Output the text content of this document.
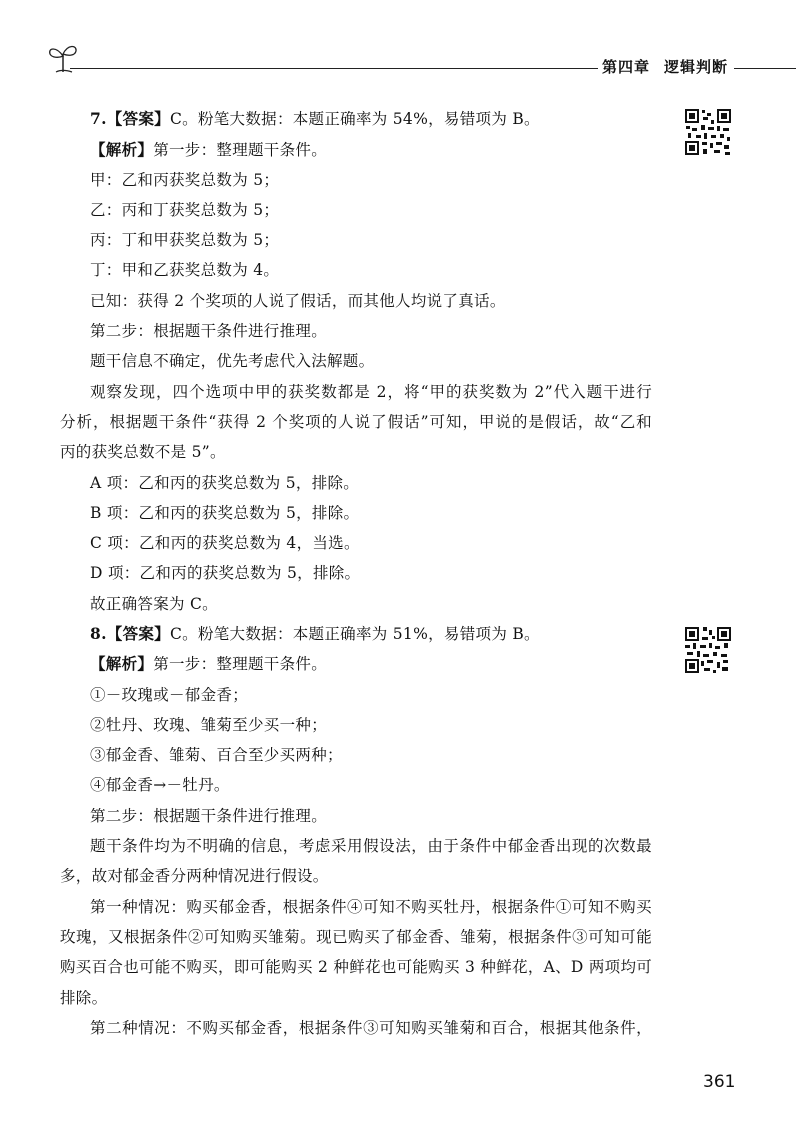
第四章 逻辑判断
7.【答案】C。粉笔大数据：本题正确率为 54%，易错项为 B。
【解析】第一步：整理题干条件。
甲：乙和丙获奖总数为 5；
乙：丙和丁获奖总数为 5；
丙：丁和甲获奖总数为 5；
丁：甲和乙获奖总数为 4。
已知：获得 2 个奖项的人说了假话，而其他人均说了真话。
第二步：根据题干条件进行推理。
题干信息不确定，优先考虑代入法解题。
观察发现，四个选项中甲的获奖数都是 2，将“甲的获奖数为 2”代入题干进行
分析，根据题干条件“获得 2 个奖项的人说了假话”可知，甲说的是假话，故“乙和
丙的获奖总数不是 5”。
A 项：乙和丙的获奖总数为 5，排除。
B 项：乙和丙的获奖总数为 5，排除。
C 项：乙和丙的获奖总数为 4，当选。
D 项：乙和丙的获奖总数为 5，排除。
故正确答案为 C。
8.【答案】C。粉笔大数据：本题正确率为 51%，易错项为 B。
【解析】第一步：整理题干条件。
①－玫瑰或－郁金香；
②牡丹、玫瑰、雏菊至少买一种；
③郁金香、雏菊、百合至少买两种；
④郁金香→－牡丹。
第二步：根据题干条件进行推理。
题干条件均为不明确的信息，考虑采用假设法，由于条件中郁金香出现的次数最
多，故对郁金香分两种情况进行假设。
第一种情况：购买郁金香，根据条件④可知不购买牡丹，根据条件①可知不购买
玫瑰，又根据条件②可知购买雏菊。现已购买了郁金香、雏菊，根据条件③可知可能
购买百合也可能不购买，即可能购买 2 种鲜花也可能购买 3 种鲜花，A、D 两项均可
排除。
第二种情况：不购买郁金香，根据条件③可知购买雏菊和百合，根据其他条件，
361
